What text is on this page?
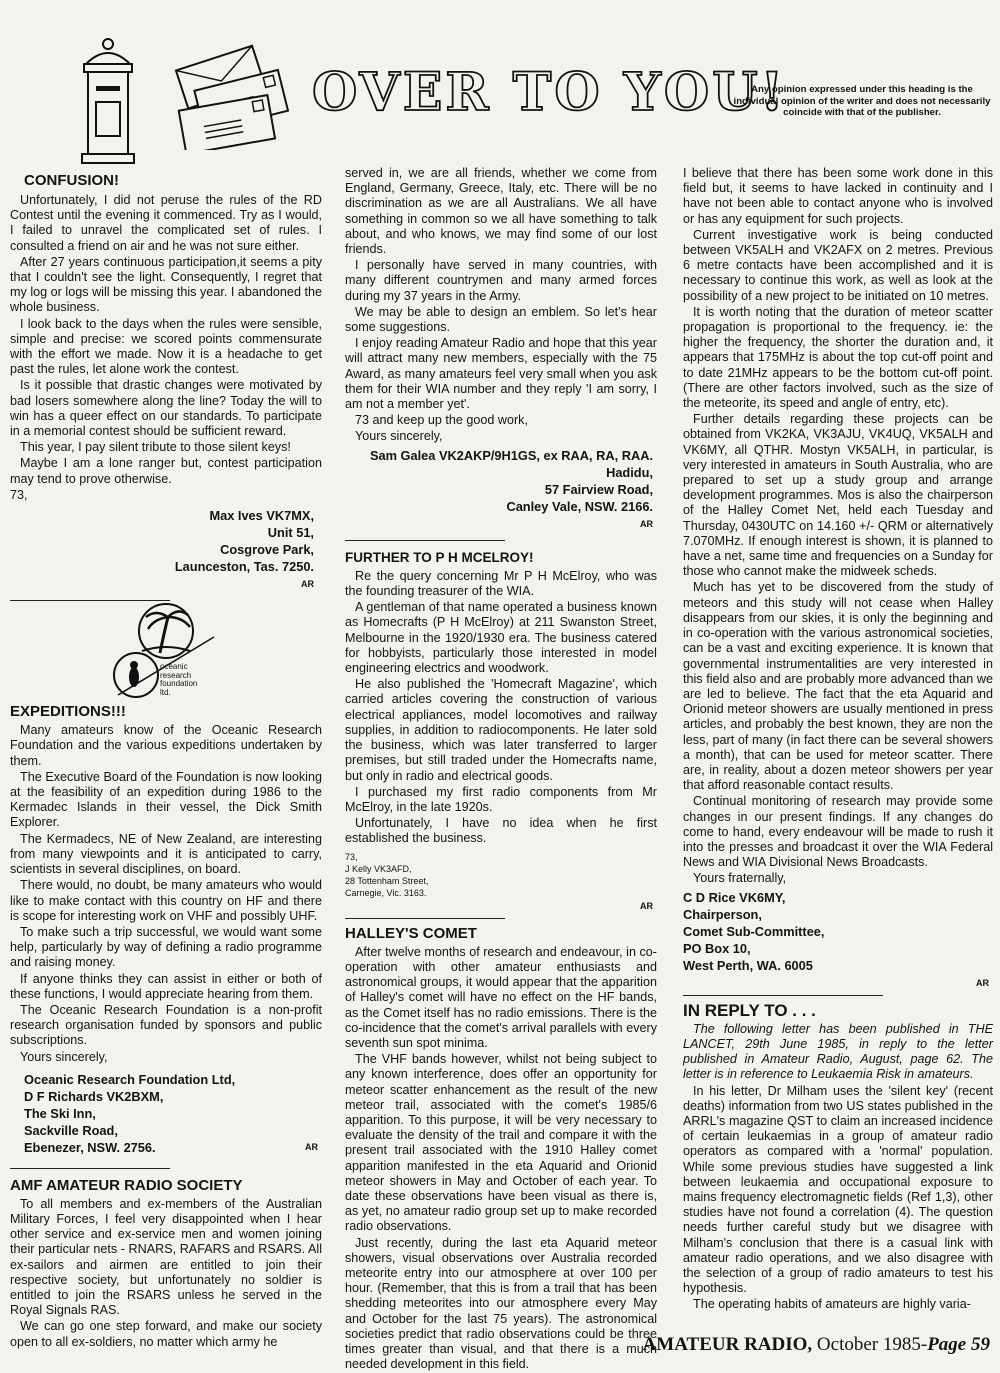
OVER TO YOU!
Any opinion expressed under this heading is the individual opinion of the writer and does not necessarily coincide with that of the publisher.
CONFUSION!

Unfortunately, I did not peruse the rules of the RD Contest until the evening it commenced. Try as I would, I failed to unravel the complicated set of rules. I consulted a friend on air and he was not sure either.

After 27 years continuous participation,it seems a pity that I couldn't see the light. Consequently, I regret that my log or logs will be missing this year. I abandoned the whole business.

I look back to the days when the rules were sensible, simple and precise: we scored points commensurate with the effort we made. Now it is a headache to get past the rules, let alone work the contest.

Is it possible that drastic changes were motivated by bad losers somewhere along the line? Today the will to win has a queer effect on our standards. To participate in a memorial contest should be sufficient reward.

This year, I pay silent tribute to those silent keys!

Maybe I am a lone ranger but, contest participation may tend to prove otherwise.

73,

Max Ives VK7MX,
Unit 51,
Cosgrove Park,
Launceston, Tas. 7250.
AR
oceanic
research
foundation
ltd.
EXPEDITIONS!!!

Many amateurs know of the Oceanic Research Foundation and the various expeditions undertaken by them.

The Executive Board of the Foundation is now looking at the feasibility of an expedition during 1986 to the Kermadec Islands in their vessel, the Dick Smith Explorer.

The Kermadecs, NE of New Zealand, are interesting from many viewpoints and it is anticipated to carry, scientists in several disciplines, on board.

There would, no doubt, be many amateurs who would like to make contact with this country on HF and there is scope for interesting work on VHF and possibly UHF.

To make such a trip successful, we would want some help, particularly by way of defining a radio programme and raising money.

If anyone thinks they can assist in either or both of these functions, I would appreciate hearing from them.

The Oceanic Research Foundation is a non-profit research organisation funded by sponsors and public subscriptions.

Yours sincerely,

Oceanic Research Foundation Ltd,
D F Richards VK2BXM,
The Ski Inn,
Sackville Road,
Ebenezer, NSW. 2756.	AR
AMF AMATEUR RADIO SOCIETY

To all members and ex-members of the Australian Military Forces, I feel very disappointed when I hear other service and ex-service men and women joining their particular nets - RNARS, RAFARS and RSARS. All ex-sailors and airmen are entitled to join their respective society, but unfortunately no soldier is entitled to join the RSARS unless he served in the Royal Signals RAS.

We can go one step forward, and make our society open to all ex-soldiers, no matter which army he

served in, we are all friends, whether we come from England, Germany, Greece, Italy, etc. There will be no discrimination as we are all Australians. We all have something in common so we all have something to talk about, and who knows, we may find some of our lost friends.

I personally have served in many countries, with many different countrymen and many armed forces during my 37 years in the Army.

We may be able to design an emblem. So let's hear some suggestions.

I enjoy reading Amateur Radio and hope that this year will attract many new members, especially with the 75 Award, as many amateurs feel very small when you ask them for their WIA number and they reply 'I am sorry, I am not a member yet'.

73 and keep up the good work,

Yours sincerely,

Sam Galea VK2AKP/9H1GS, ex RAA, RA, RAA.
Hadidu,
57 Fairview Road,
Canley Vale, NSW. 2166.
AR
FURTHER TO P H MCELROY!

Re the query concerning Mr P H McElroy, who was the founding treasurer of the WIA.

A gentleman of that name operated a business known as Homecrafts (P H McElroy) at 211 Swanston Street, Melbourne in the 1920/1930 era. The business catered for hobbyists, particularly those interested in model engineering electrics and woodwork.

He also published the 'Homecraft Magazine', which carried articles covering the construction of various electrical appliances, model locomotives and railway supplies, in addition to radiocomponents. He later sold the business, which was later transferred to larger premises, but still traded under the Homecrafts name, but only in radio and electrical goods.

I purchased my first radio components from Mr McElroy, in the late 1920s.

Unfortunately, I have no idea when he first established the business.

73,
J Kelly VK3AFD,
28 Tottenham Street,
Carnegie, Vic. 3163.
AR
HALLEY'S COMET

After twelve months of research and endeavour, in co-operation with other amateur enthusiasts and astronomical groups, it would appear that the apparition of Halley's comet will have no effect on the HF bands, as the Comet itself has no radio emissions. There is the co-incidence that the comet's arrival parallels with every seventh sun spot minima.

The VHF bands however, whilst not being subject to any known interference, does offer an opportunity for meteor scatter enhancement as the result of the new meteor trail, associated with the comet's 1985/6 apparition. To this purpose, it will be very necessary to evaluate the density of the trail and compare it with the present trail associated with the 1910 Halley comet apparition manifested in the eta Aquarid and Orionid meteor showers in May and October of each year. To date these observations have been visual as there is, as yet, no amateur radio group set up to make recorded radio observations.

Just recently, during the last eta Aquarid meteor showers, visual observations over Australia recorded meteorite entry into our atmosphere at over 100 per hour. (Remember, that this is from a trail that has been shedding meteorites into our atmosphere every May and October for the last 75 years). The astronomical societies predict that radio observations could be three times greater than visual, and that there is a much needed development in this field.

I believe that there has been some work done in this field but, it seems to have lacked in continuity and I have not been able to contact anyone who is involved or has any equipment for such projects.

Current investigative work is being conducted between VK5ALH and VK2AFX on 2 metres. Previous 6 metre contacts have been accomplished and it is necessary to continue this work, as well as look at the possibility of a new project to be initiated on 10 metres.

It is worth noting that the duration of meteor scatter propagation is proportional to the frequency. ie: the higher the frequency, the shorter the duration and, it appears that 175MHz is about the top cut-off point and to date 21MHz appears to be the bottom cut-off point. (There are other factors involved, such as the size of the meteorite, its speed and angle of entry, etc).

Further details regarding these projects can be obtained from VK2KA, VK3AJU, VK4UQ, VK5ALH and VK6MY, all QTHR. Mostyn VK5ALH, in particular, is very interested in amateurs in South Australia, who are prepared to set up a study group and arrange development programmes. Mos is also the chairperson of the Halley Comet Net, held each Tuesday and Thursday, 0430UTC on 14.160 +/- QRM or alternatively 7.070MHz. If enough interest is shown, it is planned to have a net, same time and frequencies on a Sunday for those who cannot make the midweek scheds.

Much has yet to be discovered from the study of meteors and this study will not cease when Halley disappears from our skies, it is only the beginning and in co-operation with the various astronomical societies, can be a vast and exciting experience. It is known that governmental instrumentalities are very interested in this field also and are probably more advanced than we are led to believe. The fact that the eta Aquarid and Orionid meteor showers are usually mentioned in press articles, and probably the best known, they are non the less, part of many (in fact there can be several showers a month), that can be used for meteor scatter. There are, in reality, about a dozen meteor showers per year that afford reasonable contact results.

Continual monitoring of research may provide some changes in our present findings. If any changes do come to hand, every endeavour will be made to rush it into the presses and broadcast it over the WIA Federal News and WIA Divisional News Broadcasts.

Yours fraternally,

C D Rice VK6MY,
Chairperson,
Comet Sub-Committee,
PO Box 10,
West Perth, WA. 6005
AR
IN REPLY TO . . .

The following letter has been published in THE LANCET, 29th June 1985, in reply to the letter published in Amateur Radio, August, page 62. The letter is in reference to Leukaemia Risk in amateurs.

In his letter, Dr Milham uses the 'silent key' (recent deaths) information from two US states published in the ARRL's magazine QST to claim an increased incidence of certain leukaemias in a group of amateur radio operators as compared with a 'normal' population. While some previous studies have suggested a link between leukaemia and occupational exposure to mains frequency electromagnetic fields (Ref 1,3), other studies have not found a correlation (4). The question needs further careful study but we disagree with Milham's conclusion that there is a casual link with amateur radio operations, and we also disagree with the selection of a group of radio amateurs to test his hypothesis.

The operating habits of amateurs are highly varia-

AMATEUR RADIO, October 1985-Page 59
